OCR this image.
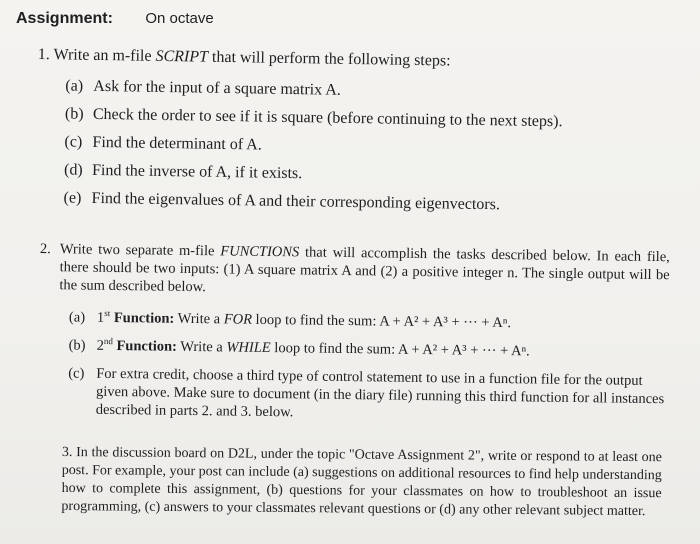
Assignment: On octave
1. Write an m-file SCRIPT that will perform the following steps:
(a) Ask for the input of a square matrix A.
(b) Check the order to see if it is square (before continuing to the next steps).
(c) Find the determinant of A.
(d) Find the inverse of A, if it exists.
(e) Find the eigenvalues of A and their corresponding eigenvectors.
2. Write two separate m-file FUNCTIONS that will accomplish the tasks described below. In each file, there should be two inputs: (1) A square matrix A and (2) a positive integer n. The single output will be the sum described below.
(a) 1st Function: Write a FOR loop to find the sum: A + A² + A³ + ··· + Aⁿ.
(b) 2nd Function: Write a WHILE loop to find the sum: A + A² + A³ + ··· + Aⁿ.
(c) For extra credit, choose a third type of control statement to use in a function file for the output given above. Make sure to document (in the diary file) running this third function for all instances described in parts 2. and 3. below.
3. In the discussion board on D2L, under the topic "Octave Assignment 2", write or respond to at least one post. For example, your post can include (a) suggestions on additional resources to find help understanding how to complete this assignment, (b) questions for your classmates on how to troubleshoot an issue programming, (c) answers to your classmates relevant questions or (d) any other relevant subject matter.
